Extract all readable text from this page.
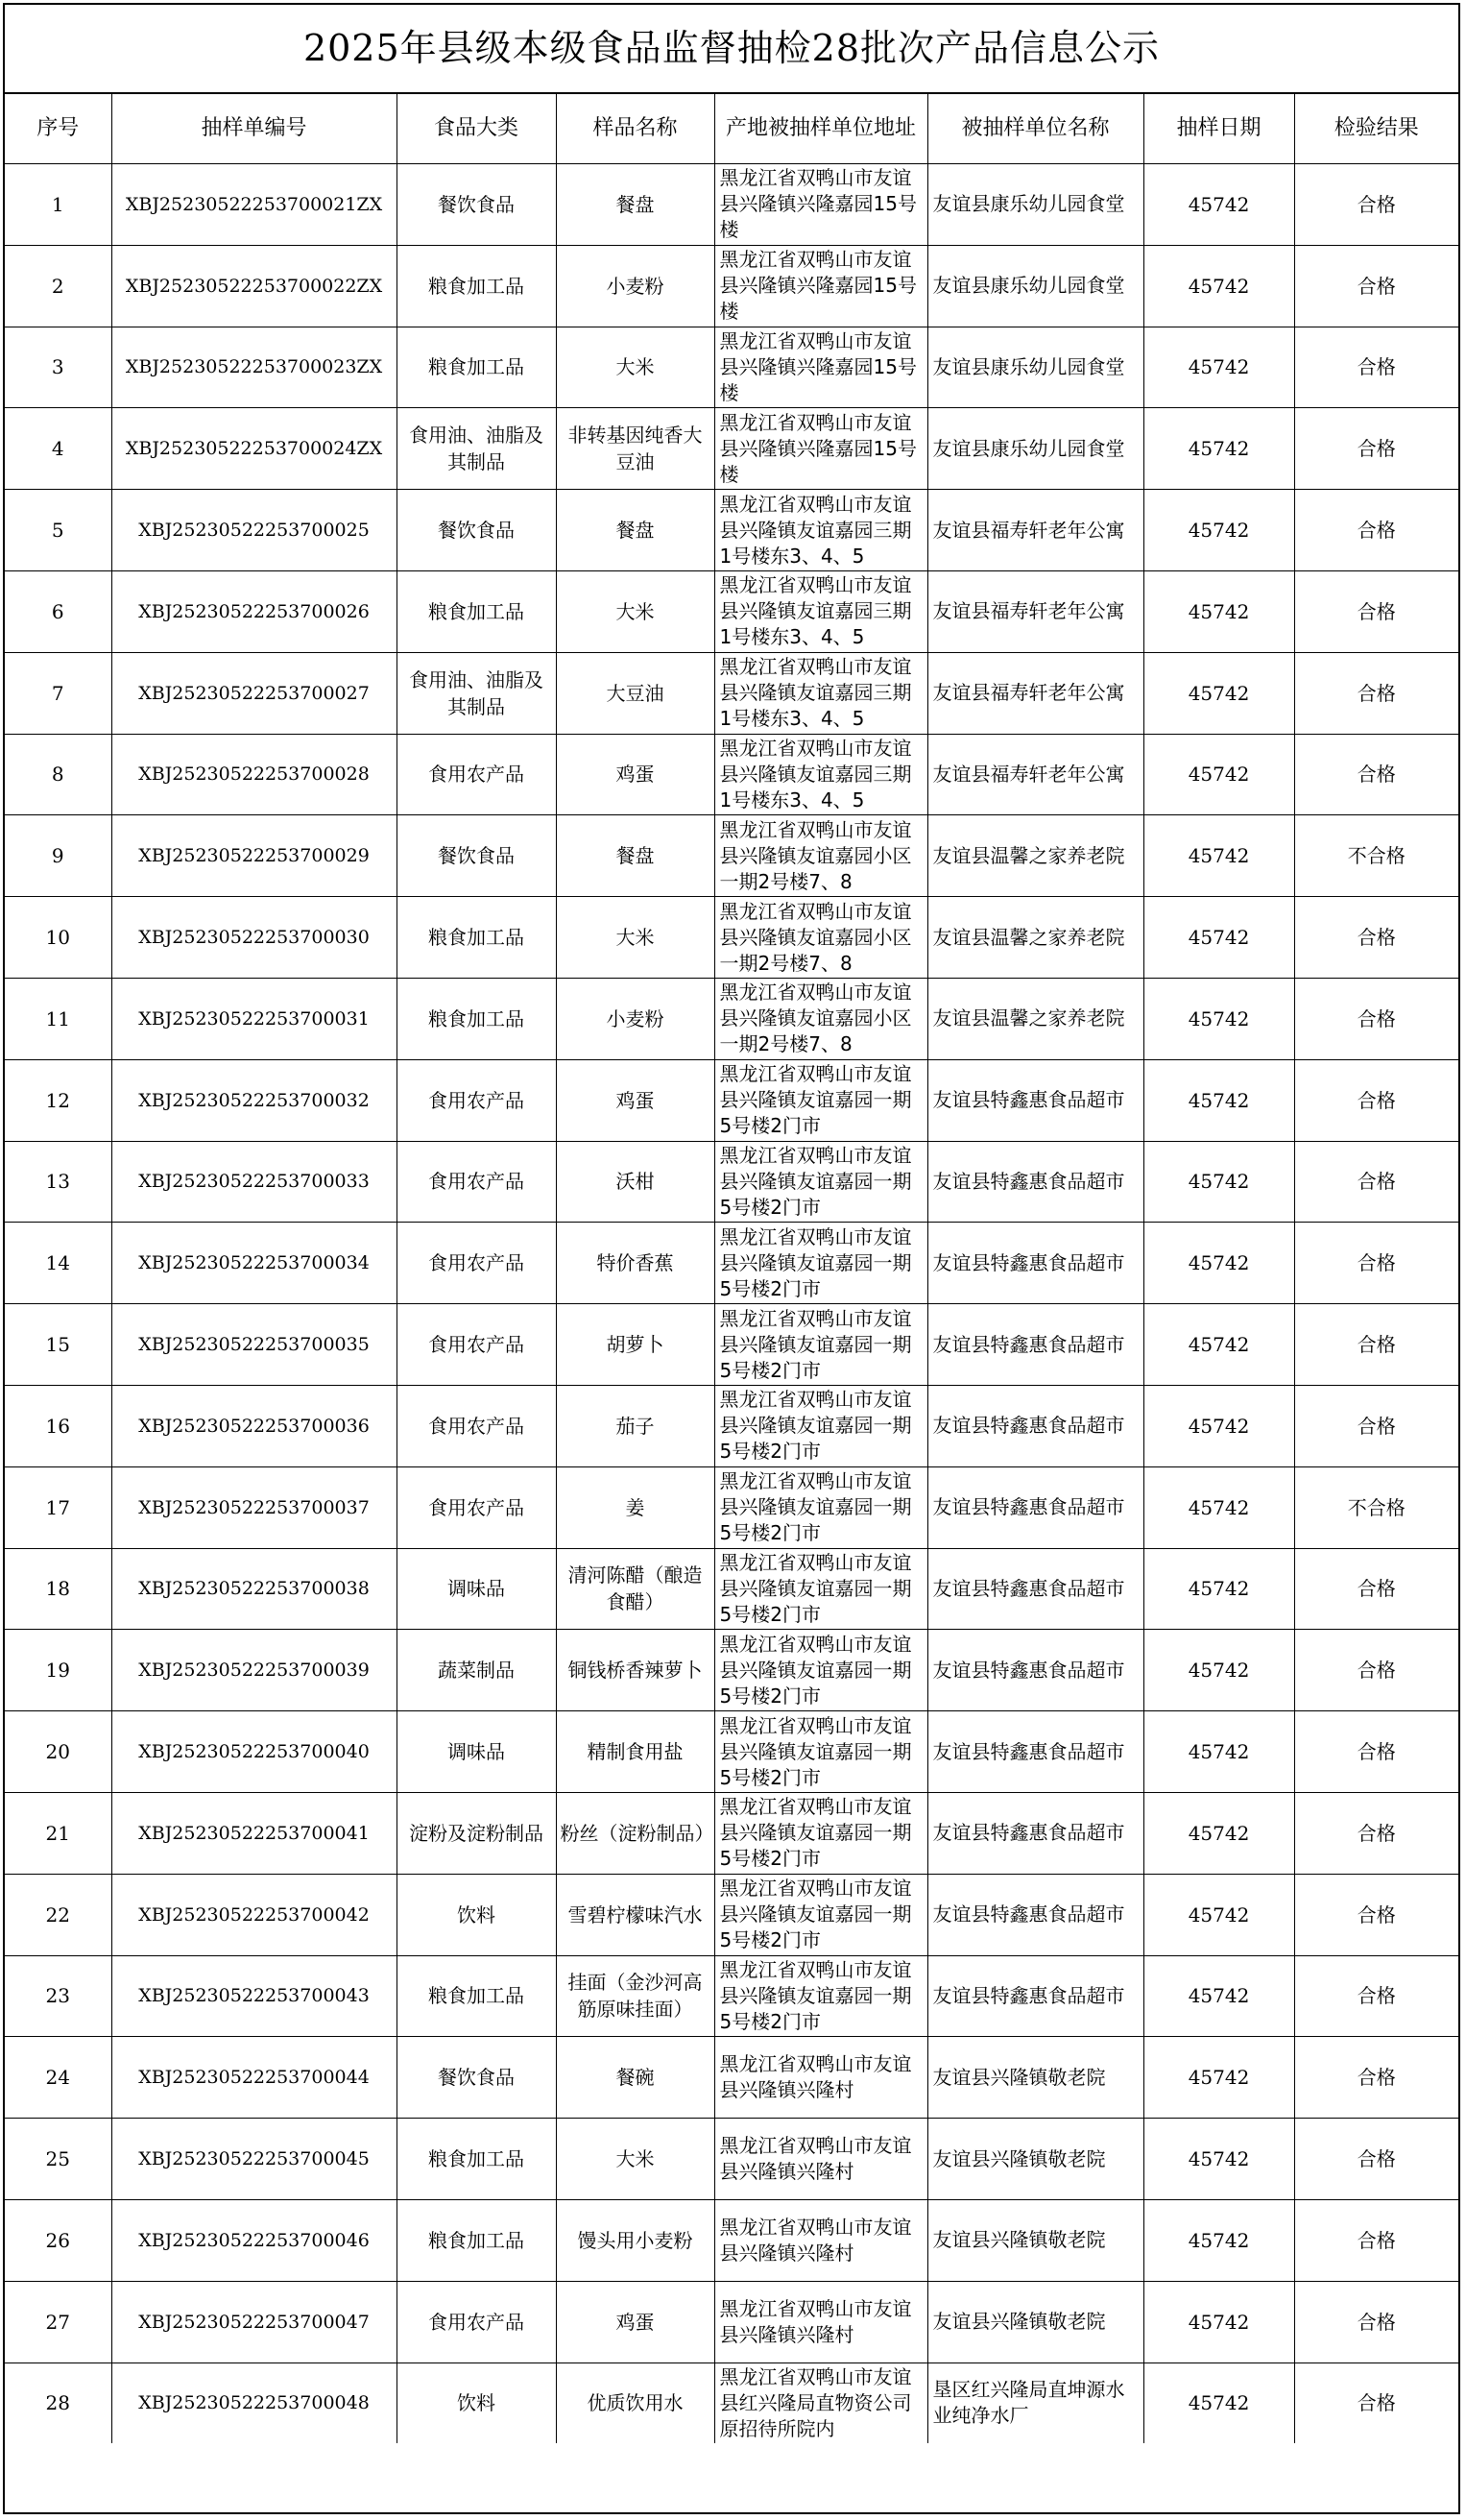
2025年县级本级食品监督抽检28批次产品信息公示
序号	抽样单编号	食品大类	样品名称	产地被抽样单位地址	被抽样单位名称	抽样日期	检验结果
1	XBJ25230522253700021ZX	餐饮食品	餐盘	黑龙江省双鸭山市友谊县兴隆镇兴隆嘉园15号楼	友谊县康乐幼儿园食堂	45742	合格
2	XBJ25230522253700022ZX	粮食加工品	小麦粉	黑龙江省双鸭山市友谊县兴隆镇兴隆嘉园15号楼	友谊县康乐幼儿园食堂	45742	合格
3	XBJ25230522253700023ZX	粮食加工品	大米	黑龙江省双鸭山市友谊县兴隆镇兴隆嘉园15号楼	友谊县康乐幼儿园食堂	45742	合格
4	XBJ25230522253700024ZX	食用油、油脂及其制品	非转基因纯香大豆油	黑龙江省双鸭山市友谊县兴隆镇兴隆嘉园15号楼	友谊县康乐幼儿园食堂	45742	合格
5	XBJ25230522253700025	餐饮食品	餐盘	黑龙江省双鸭山市友谊县兴隆镇友谊嘉园三期1号楼东3、4、5	友谊县福寿轩老年公寓	45742	合格
6	XBJ25230522253700026	粮食加工品	大米	黑龙江省双鸭山市友谊县兴隆镇友谊嘉园三期1号楼东3、4、5	友谊县福寿轩老年公寓	45742	合格
7	XBJ25230522253700027	食用油、油脂及其制品	大豆油	黑龙江省双鸭山市友谊县兴隆镇友谊嘉园三期1号楼东3、4、5	友谊县福寿轩老年公寓	45742	合格
8	XBJ25230522253700028	食用农产品	鸡蛋	黑龙江省双鸭山市友谊县兴隆镇友谊嘉园三期1号楼东3、4、5	友谊县福寿轩老年公寓	45742	合格
9	XBJ25230522253700029	餐饮食品	餐盘	黑龙江省双鸭山市友谊县兴隆镇友谊嘉园小区一期2号楼7、8	友谊县温馨之家养老院	45742	不合格
10	XBJ25230522253700030	粮食加工品	大米	黑龙江省双鸭山市友谊县兴隆镇友谊嘉园小区一期2号楼7、8	友谊县温馨之家养老院	45742	合格
11	XBJ25230522253700031	粮食加工品	小麦粉	黑龙江省双鸭山市友谊县兴隆镇友谊嘉园小区一期2号楼7、8	友谊县温馨之家养老院	45742	合格
12	XBJ25230522253700032	食用农产品	鸡蛋	黑龙江省双鸭山市友谊县兴隆镇友谊嘉园一期5号楼2门市	友谊县特鑫惠食品超市	45742	合格
13	XBJ25230522253700033	食用农产品	沃柑	黑龙江省双鸭山市友谊县兴隆镇友谊嘉园一期5号楼2门市	友谊县特鑫惠食品超市	45742	合格
14	XBJ25230522253700034	食用农产品	特价香蕉	黑龙江省双鸭山市友谊县兴隆镇友谊嘉园一期5号楼2门市	友谊县特鑫惠食品超市	45742	合格
15	XBJ25230522253700035	食用农产品	胡萝卜	黑龙江省双鸭山市友谊县兴隆镇友谊嘉园一期5号楼2门市	友谊县特鑫惠食品超市	45742	合格
16	XBJ25230522253700036	食用农产品	茄子	黑龙江省双鸭山市友谊县兴隆镇友谊嘉园一期5号楼2门市	友谊县特鑫惠食品超市	45742	合格
17	XBJ25230522253700037	食用农产品	姜	黑龙江省双鸭山市友谊县兴隆镇友谊嘉园一期5号楼2门市	友谊县特鑫惠食品超市	45742	不合格
18	XBJ25230522253700038	调味品	清河陈醋（酿造食醋）	黑龙江省双鸭山市友谊县兴隆镇友谊嘉园一期5号楼2门市	友谊县特鑫惠食品超市	45742	合格
19	XBJ25230522253700039	蔬菜制品	铜钱桥香辣萝卜	黑龙江省双鸭山市友谊县兴隆镇友谊嘉园一期5号楼2门市	友谊县特鑫惠食品超市	45742	合格
20	XBJ25230522253700040	调味品	精制食用盐	黑龙江省双鸭山市友谊县兴隆镇友谊嘉园一期5号楼2门市	友谊县特鑫惠食品超市	45742	合格
21	XBJ25230522253700041	淀粉及淀粉制品	粉丝（淀粉制品）	黑龙江省双鸭山市友谊县兴隆镇友谊嘉园一期5号楼2门市	友谊县特鑫惠食品超市	45742	合格
22	XBJ25230522253700042	饮料	雪碧柠檬味汽水	黑龙江省双鸭山市友谊县兴隆镇友谊嘉园一期5号楼2门市	友谊县特鑫惠食品超市	45742	合格
23	XBJ25230522253700043	粮食加工品	挂面（金沙河高筋原味挂面）	黑龙江省双鸭山市友谊县兴隆镇友谊嘉园一期5号楼2门市	友谊县特鑫惠食品超市	45742	合格
24	XBJ25230522253700044	餐饮食品	餐碗	黑龙江省双鸭山市友谊县兴隆镇兴隆村	友谊县兴隆镇敬老院	45742	合格
25	XBJ25230522253700045	粮食加工品	大米	黑龙江省双鸭山市友谊县兴隆镇兴隆村	友谊县兴隆镇敬老院	45742	合格
26	XBJ25230522253700046	粮食加工品	馒头用小麦粉	黑龙江省双鸭山市友谊县兴隆镇兴隆村	友谊县兴隆镇敬老院	45742	合格
27	XBJ25230522253700047	食用农产品	鸡蛋	黑龙江省双鸭山市友谊县兴隆镇兴隆村	友谊县兴隆镇敬老院	45742	合格
28	XBJ25230522253700048	饮料	优质饮用水	黑龙江省双鸭山市友谊县红兴隆局直物资公司原招待所院内	垦区红兴隆局直坤源水业纯净水厂	45742	合格
